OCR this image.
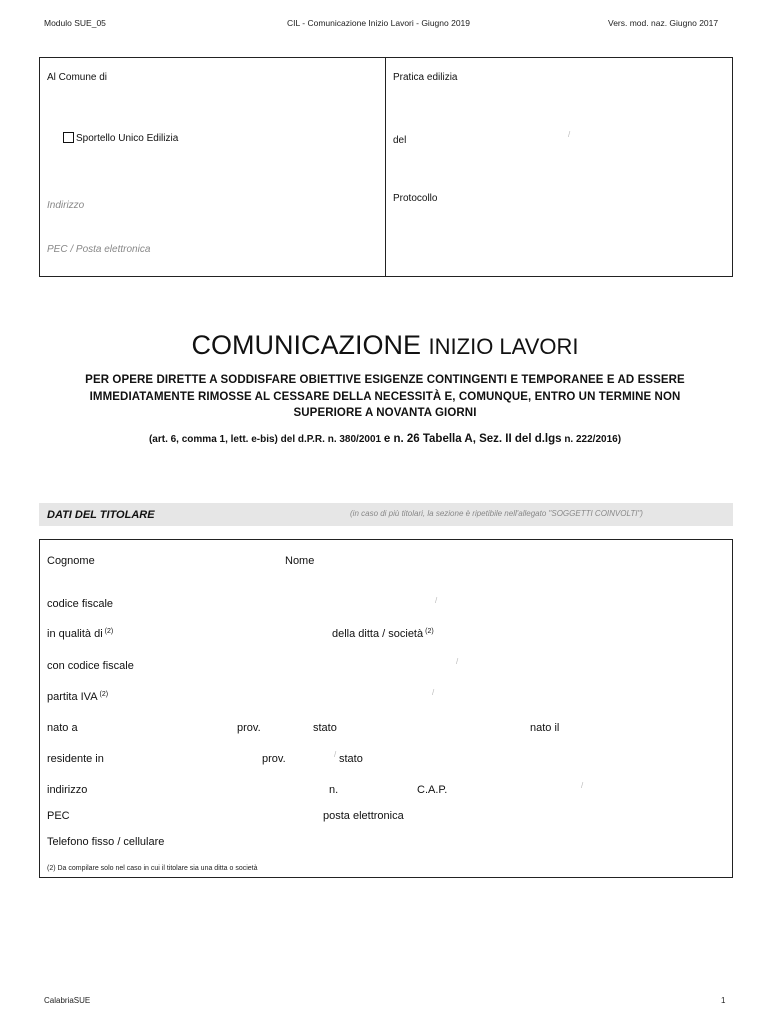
Modulo SUE_05	CIL - Comunicazione Inizio Lavori - Giugno 2019	Vers. mod. naz. Giugno 2017
Al Comune di
Sportello Unico Edilizia
Indirizzo
PEC / Posta elettronica
Pratica edilizia
del
/
Protocollo
COMUNICAZIONE INIZIO LAVORI
PER OPERE DIRETTE A SODDISFARE OBIETTIVE ESIGENZE CONTINGENTI E TEMPORANEE E AD ESSERE IMMEDIATAMENTE RIMOSSE AL CESSARE DELLA NECESSITÀ E, COMUNQUE, ENTRO UN TERMINE NON SUPERIORE A NOVANTA GIORNI
(art. 6, comma 1, lett. e-bis) del d.P.R. n. 380/2001 e n. 26 Tabella A, Sez. II del d.lgs n. 222/2016)
DATI DEL TITOLARE	(in caso di più titolari, la sezione è ripetibile nell'allegato "SOGGETTI COINVOLTI")
Cognome	Nome
codice fiscale	/
in qualità di $^{(2)}$	della ditta / società $^{(2)}$
con codice fiscale	/
partita IVA $^{(2)}$	/
nato a	prov.	stato	nato il
residente in	prov.	/ stato
indirizzo	n.	C.A.P.	/
PEC	posta elettronica
Telefono fisso / cellulare
(2) Da compilare solo nel caso in cui il titolare sia una ditta o società
CalabriaSUE	1
